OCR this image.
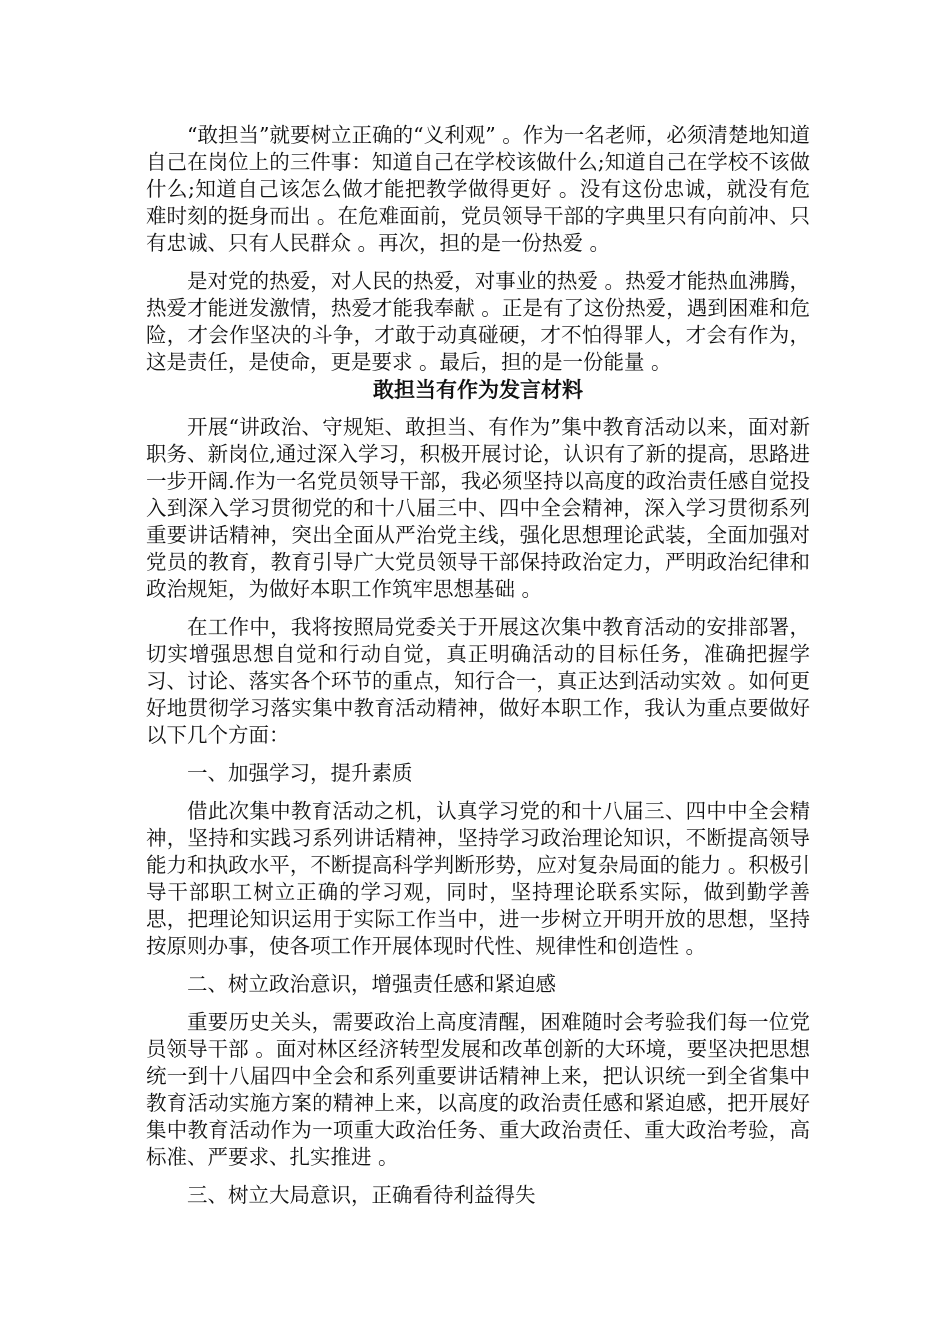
“敢担当”就要树立正确的“义利观” 。作为一名老师，必须清楚地知道自己在岗位上的三件事：知道自己在学校该做什么;知道自己在学校不该做什么;知道自己该怎么做才能把教学做得更好 。没有这份忠诚，就没有危难时刻的挺身而出 。在危难面前，党员领导干部的字典里只有向前冲、只有忠诚、只有人民群众 。再次，担的是一份热爱 。

是对党的热爱，对人民的热爱，对事业的热爱 。热爱才能热血沸腾，热爱才能迸发激情，热爱才能我奉献 。正是有了这份热爱，遇到困难和危险，才会作坚决的斗争，才敢于动真碰硬，才不怕得罪人，才会有作为，这是责任，是使命，更是要求 。最后，担的是一份能量 。

敢担当有作为发言材料

开展“讲政治、守规矩、敢担当、有作为”集中教育活动以来，面对新职务、新岗位,通过深入学习，积极开展讨论，认识有了新的提高，思路进一步开阔.作为一名党员领导干部，我必须坚持以高度的政治责任感自觉投入到深入学习贯彻党的和十八届三中、四中全会精神，深入学习贯彻系列重要讲话精神，突出全面从严治党主线，强化思想理论武装，全面加强对党员的教育，教育引导广大党员领导干部保持政治定力，严明政治纪律和政治规矩，为做好本职工作筑牢思想基础 。

在工作中，我将按照局党委关于开展这次集中教育活动的安排部署，切实增强思想自觉和行动自觉，真正明确活动的目标任务，准确把握学习、讨论、落实各个环节的重点，知行合一，真正达到活动实效 。如何更好地贯彻学习落实集中教育活动精神，做好本职工作，我认为重点要做好以下几个方面：

一、加强学习，提升素质

借此次集中教育活动之机，认真学习党的和十八届三、四中中全会精神，坚持和实践习系列讲话精神，坚持学习政治理论知识，不断提高领导能力和执政水平，不断提高科学判断形势，应对复杂局面的能力 。积极引导干部职工树立正确的学习观，同时，坚持理论联系实际，做到勤学善思，把理论知识运用于实际工作当中，进一步树立开明开放的思想，坚持按原则办事，使各项工作开展体现时代性、规律性和创造性 。

二、树立政治意识，增强责任感和紧迫感

重要历史关头，需要政治上高度清醒，困难随时会考验我们每一位党员领导干部 。面对林区经济转型发展和改革创新的大环境，要坚决把思想统一到十八届四中全会和系列重要讲话精神上来，把认识统一到全省集中教育活动实施方案的精神上来，以高度的政治责任感和紧迫感，把开展好集中教育活动作为一项重大政治任务、重大政治责任、重大政治考验，高标准、严要求、扎实推进 。

三、树立大局意识，正确看待利益得失
